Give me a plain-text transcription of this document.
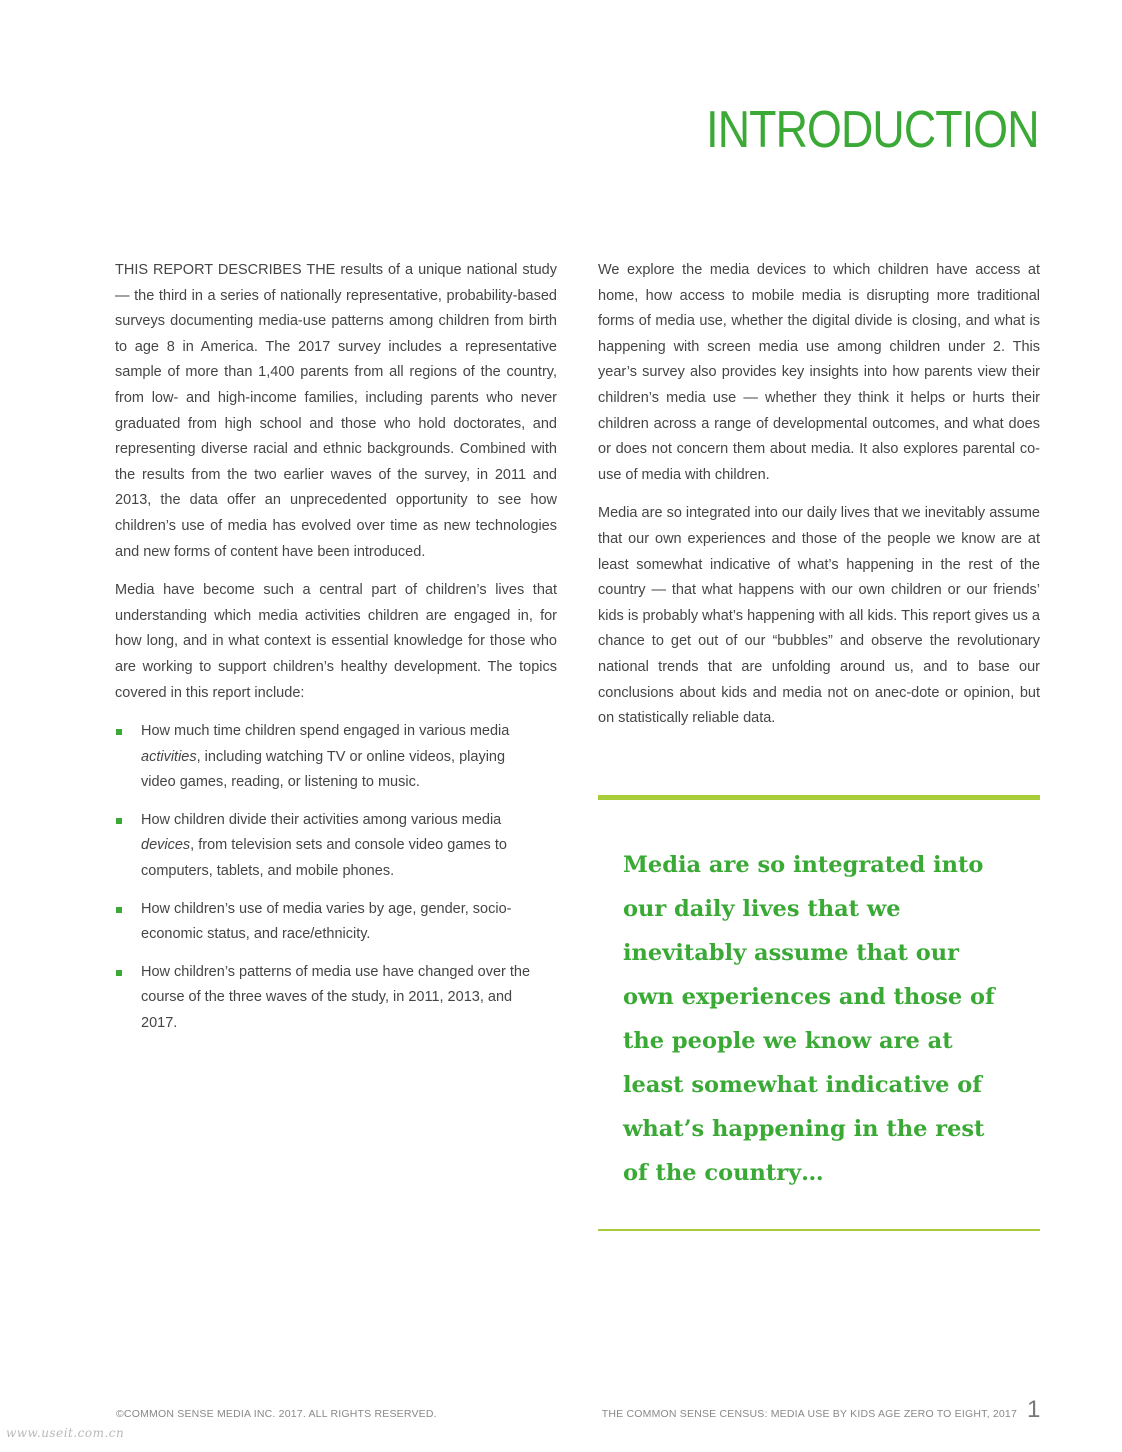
INTRODUCTION

THIS REPORT DESCRIBES THE results of a unique national study — the third in a series of nationally representative, probability-based surveys documenting media-use patterns among children from birth to age 8 in America. The 2017 survey includes a representative sample of more than 1,400 parents from all regions of the country, from low- and high-income families, including parents who never graduated from high school and those who hold doctorates, and representing diverse racial and ethnic backgrounds. Combined with the results from the two earlier waves of the survey, in 2011 and 2013, the data offer an unprecedented opportunity to see how children’s use of media has evolved over time as new technologies and new forms of content have been introduced.

Media have become such a central part of children’s lives that understanding which media activities children are engaged in, for how long, and in what context is essential knowledge for those who are working to support children’s healthy development. The topics covered in this report include:

How much time children spend engaged in various media activities, including watching TV or online videos, playing video games, reading, or listening to music.
How children divide their activities among various media devices, from television sets and console video games to computers, tablets, and mobile phones.
How children’s use of media varies by age, gender, socio-economic status, and race/ethnicity.
How children’s patterns of media use have changed over the course of the three waves of the study, in 2011, 2013, and 2017.

We explore the media devices to which children have access at home, how access to mobile media is disrupting more traditional forms of media use, whether the digital divide is closing, and what is happening with screen media use among children under 2. This year’s survey also provides key insights into how parents view their children’s media use — whether they think it helps or hurts their children across a range of developmental outcomes, and what does or does not concern them about media. It also explores parental co-use of media with children.

Media are so integrated into our daily lives that we inevitably assume that our own experiences and those of the people we know are at least somewhat indicative of what’s happening in the rest of the country — that what happens with our own children or our friends’ kids is probably what’s happening with all kids. This report gives us a chance to get out of our “bubbles” and observe the revolutionary national trends that are unfolding around us, and to base our conclusions about kids and media not on anec-dote or opinion, but on statistically reliable data.

Media are so integrated into our daily lives that we inevitably assume that our own experiences and those of the people we know are at least somewhat indicative of what’s happening in the rest of the country…

©COMMON SENSE MEDIA INC. 2017. ALL RIGHTS RESERVED.	THE COMMON SENSE CENSUS: MEDIA USE BY KIDS AGE ZERO TO EIGHT, 2017 1
www.useit.com.cn
